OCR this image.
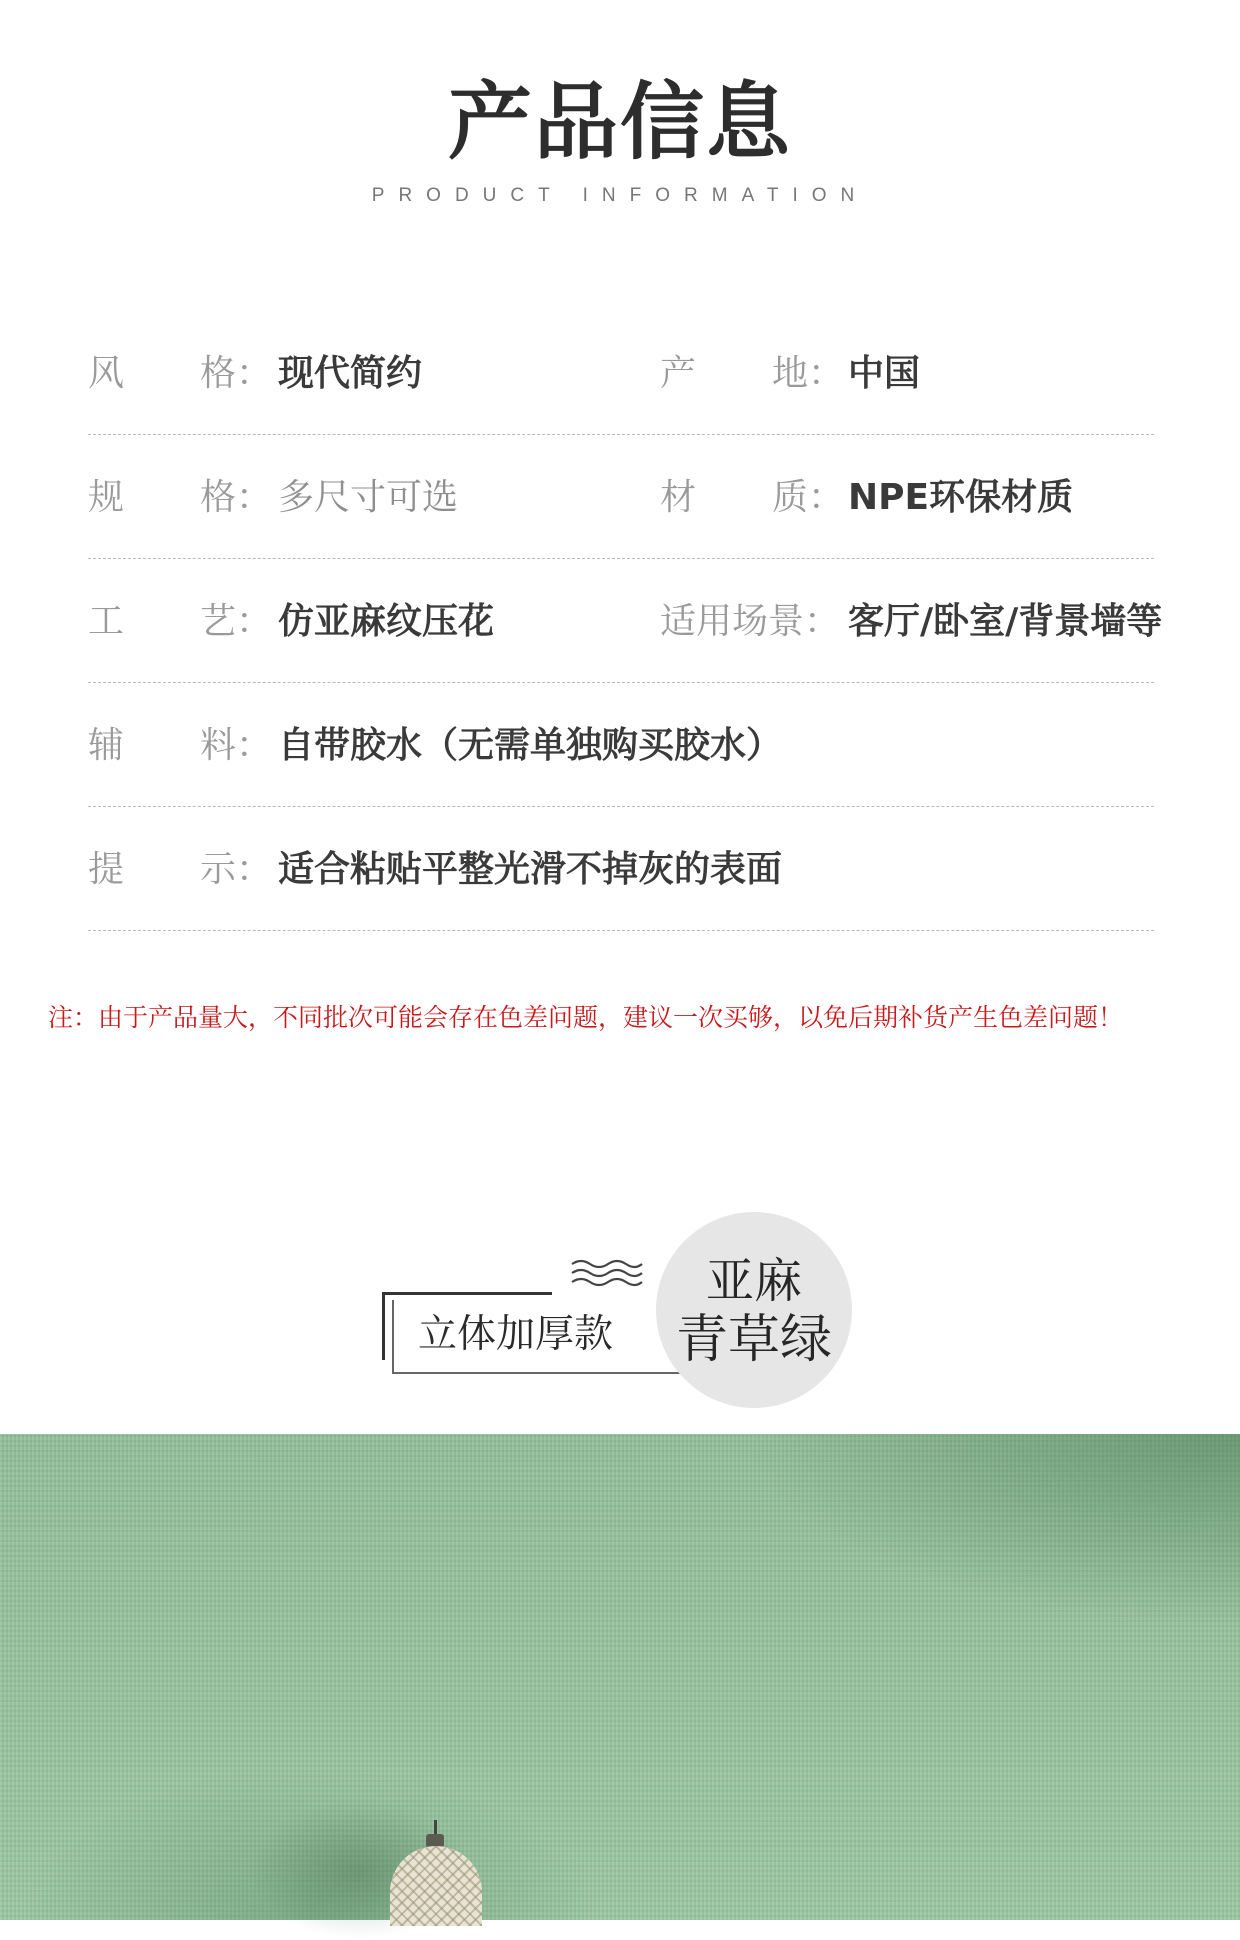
产品信息
PRODUCT INFORMATION
风 格： 现代简约	产 地： 中国
规 格： 多尺寸可选	材 质： NPE环保材质
工 艺： 仿亚麻纹压花	适用场景： 客厅/卧室/背景墙等
辅 料： 自带胶水（无需单独购买胶水）
提 示： 适合粘贴平整光滑不掉灰的表面
注：由于产品量大，不同批次可能会存在色差问题，建议一次买够，以免后期补货产生色差问题！
立体加厚款
亚麻
青草绿
